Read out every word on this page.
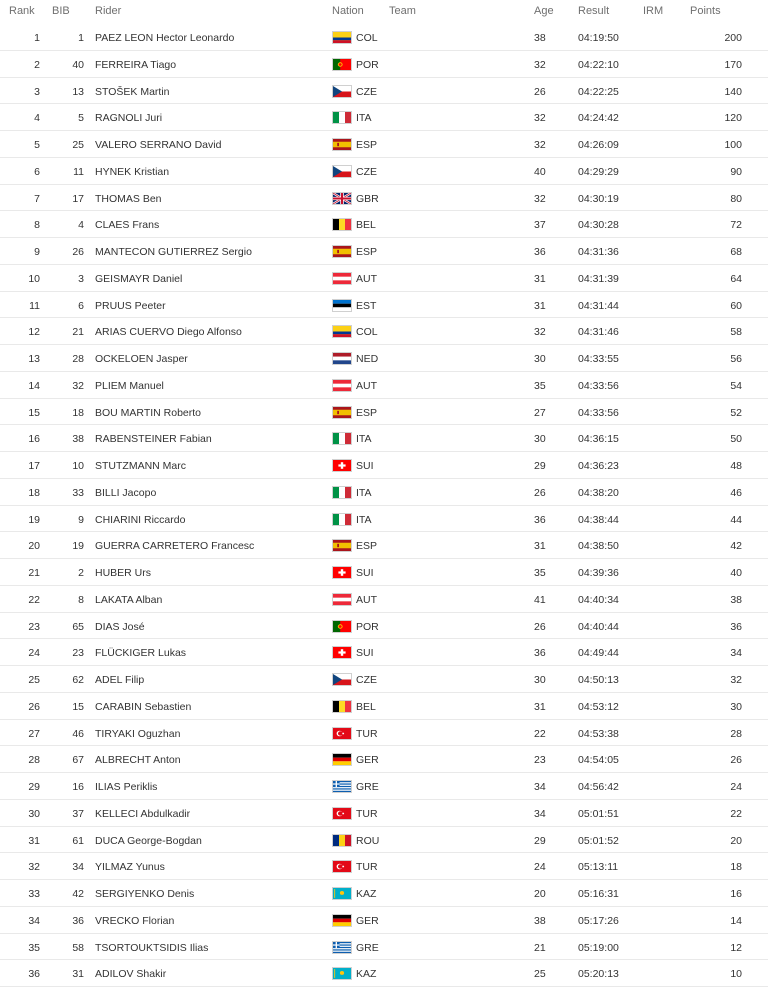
Rank BIB Rider	Nation Team	Age Result	IRM Points
1	1 PAEZ LEON Hector Leonardo	COL	38	04:19:50	200
2	40 FERREIRA Tiago	POR	32	04:22:10	170
3	13 STOŠEK Martin	CZE	26	04:22:25	140
4	5 RAGNOLI Juri	ITA	32	04:24:42	120
5	25 VALERO SERRANO David	ESP	32	04:26:09	100
6	11 HYNEK Kristian	CZE	40	04:29:29	90
7	17 THOMAS Ben	GBR	32	04:30:19	80
8	4 CLAES Frans	BEL	37	04:30:28	72
9	26 MANTECON GUTIERREZ Sergio	ESP	36	04:31:36	68
10	3 GEISMAYR Daniel	AUT	31	04:31:39	64
11	6 PRUUS Peeter	EST	31	04:31:44	60
12	21 ARIAS CUERVO Diego Alfonso	COL	32	04:31:46	58
13	28 OCKELOEN Jasper	NED	30	04:33:55	56
14	32 PLIEM Manuel	AUT	35	04:33:56	54
15	18 BOU MARTIN Roberto	ESP	27	04:33:56	52
16	38 RABENSTEINER Fabian	ITA	30	04:36:15	50
17	10 STUTZMANN Marc	SUI	29	04:36:23	48
18	33 BILLI Jacopo	ITA	26	04:38:20	46
19	9 CHIARINI Riccardo	ITA	36	04:38:44	44
20	19 GUERRA CARRETERO Francesc	ESP	31	04:38:50	42
21	2 HUBER Urs	SUI	35	04:39:36	40
22	8 LAKATA Alban	AUT	41	04:40:34	38
23	65 DIAS José	POR	26	04:40:44	36
24	23 FLÜCKIGER Lukas	SUI	36	04:49:44	34
25	62 ADEL Filip	CZE	30	04:50:13	32
26	15 CARABIN Sebastien	BEL	31	04:53:12	30
27	46 TIRYAKI Oguzhan	TUR	22	04:53:38	28
28	67 ALBRECHT Anton	GER	23	04:54:05	26
29	16 ILIAS Periklis	GRE	34	04:56:42	24
30	37 KELLECI Abdulkadir	TUR	34	05:01:51	22
31	61 DUCA George-Bogdan	ROU	29	05:01:52	20
32	34 YILMAZ Yunus	TUR	24	05:13:11	18
33	42 SERGIYENKO Denis	KAZ	20	05:16:31	16
34	36 VRECKO Florian	GER	38	05:17:26	14
35	58 TSORTOUKTSIDIS Ilias	GRE	21	05:19:00	12
36	31 ADILOV Shakir	KAZ	25	05:20:13	10
